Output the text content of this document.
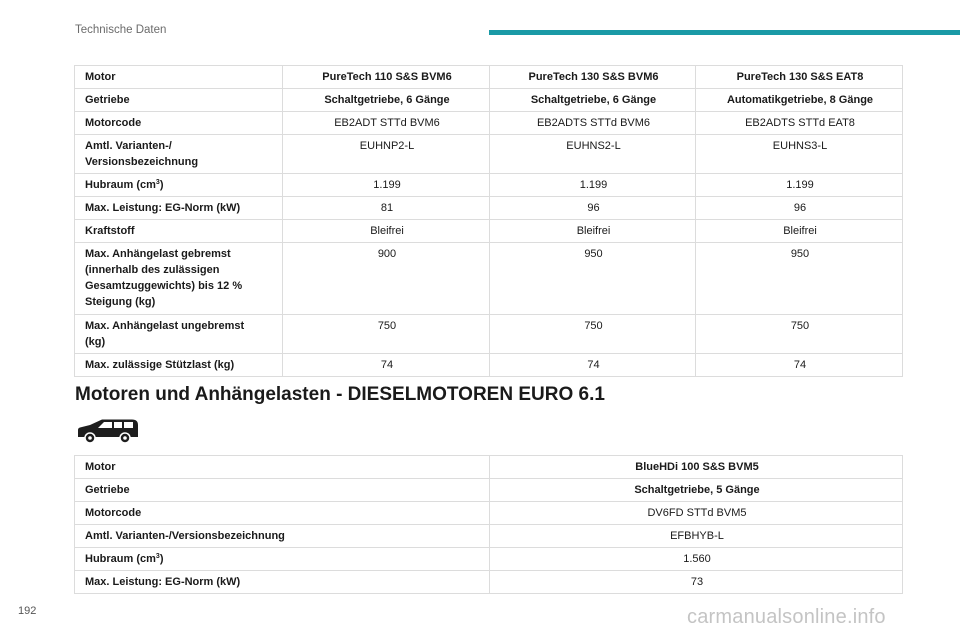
Technische Daten
Motor	PureTech 110 S&S BVM6	PureTech 130 S&S BVM6	PureTech 130 S&S EAT8
Getriebe	Schaltgetriebe, 6 Gänge	Schaltgetriebe, 6 Gänge	Automatikgetriebe, 8 Gänge
Motorcode	EB2ADT STTd BVM6	EB2ADTS STTd BVM6	EB2ADTS STTd EAT8
Amtl. Varianten-/
Versionsbezeichnung	EUHNP2-L	EUHNS2-L	EUHNS3-L
Hubraum $(cm^3)$	1.199	1.199	1.199
Max. Leistung: EG-Norm (kW)	81	96	96
Kraftstoff	Bleifrei	Bleifrei	Bleifrei
Max. Anhängelast gebremst
(innerhalb des zulässigen
Gesamtzuggewichts) bis 12 %
Steigung (kg)	900	950	950
Max. Anhängelast ungebremst
(kg)	750	750	750
Max. zulässige Stützlast (kg)	74	74	74
Motoren und Anhängelasten - DIESELMOTOREN EURO 6.1
Motor	BlueHDi 100 S&S BVM5
Getriebe	Schaltgetriebe, 5 Gänge
Motorcode	DV6FD STTd BVM5
Amtl. Varianten-/Versionsbezeichnung	EFBHYB-L
Hubraum $(cm^3)$	1.560
Max. Leistung: EG-Norm (kW)	73
192	carmanualsonline.info
